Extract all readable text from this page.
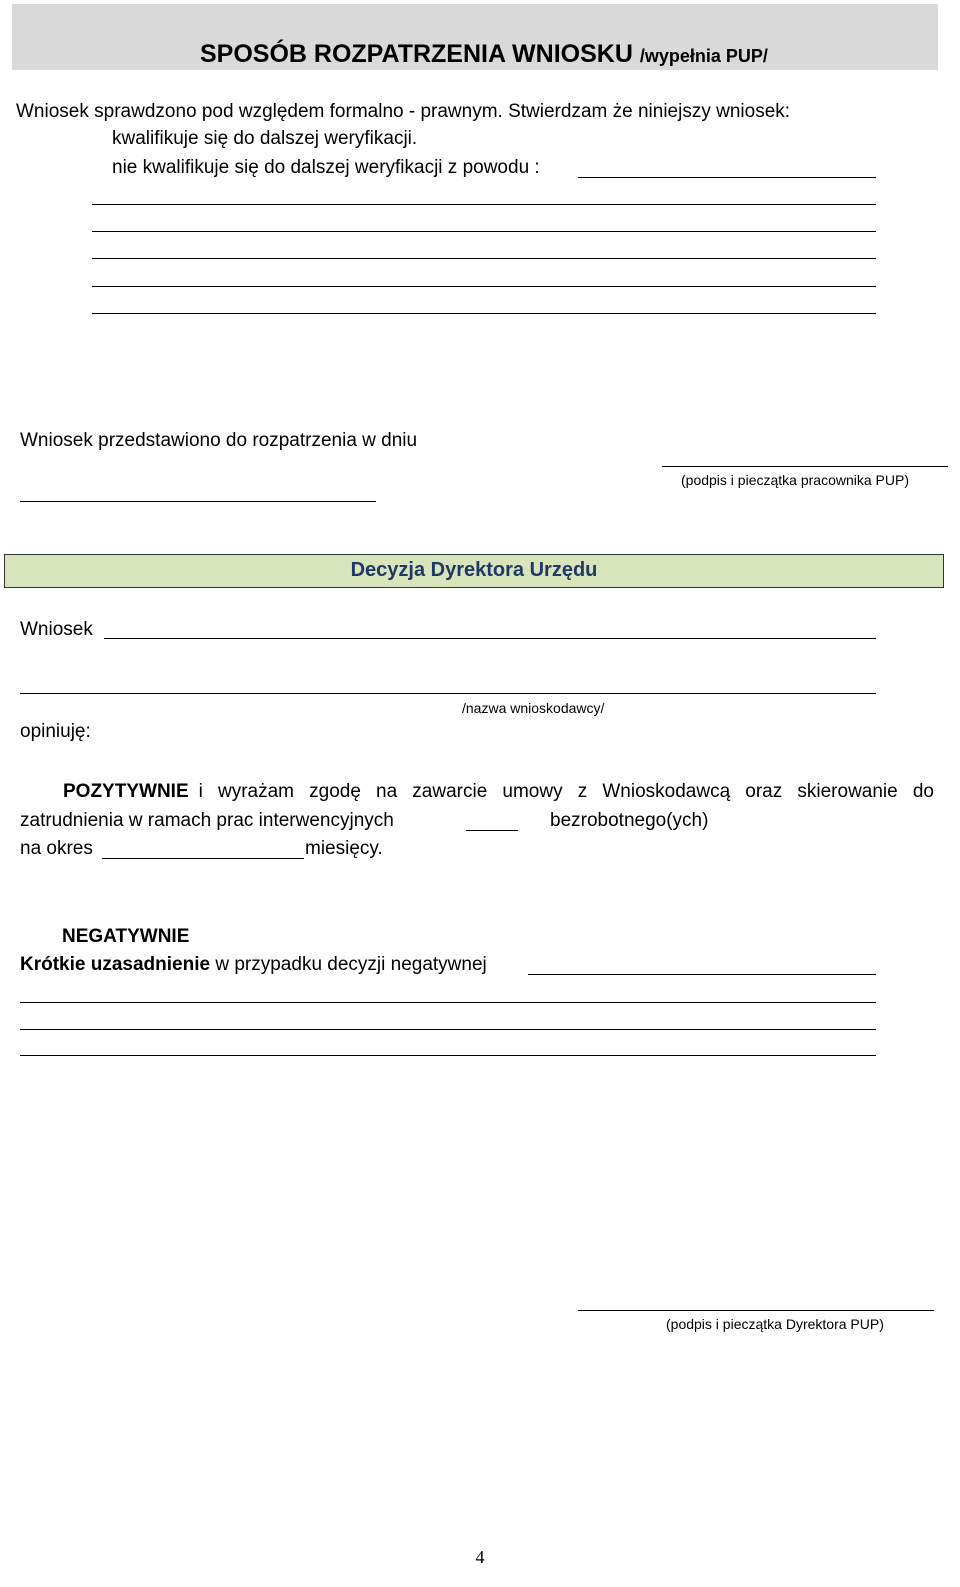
SPOSÓB ROZPATRZENIA WNIOSKU /wypełnia PUP/
Wniosek sprawdzono pod względem formalno - prawnym. Stwierdzam że niniejszy wniosek:
kwalifikuje się do dalszej weryfikacji.
nie kwalifikuje się do dalszej weryfikacji z powodu :
Wniosek przedstawiono do rozpatrzenia w dniu
(podpis i pieczątka pracownika PUP)
Decyzja Dyrektora Urzędu
Wniosek
/nazwa wnioskodawcy/
opiniuję:
POZYTYWNIE i wyrażam zgodę na zawarcie umowy z Wnioskodawcą oraz skierowanie do
zatrudnienia w ramach prac interwencyjnych	bezrobotnego(ych)
na okres	miesięcy.
NEGATYWNIE
Krótkie uzasadnienie w przypadku decyzji negatywnej
(podpis i pieczątka Dyrektora PUP)
4
